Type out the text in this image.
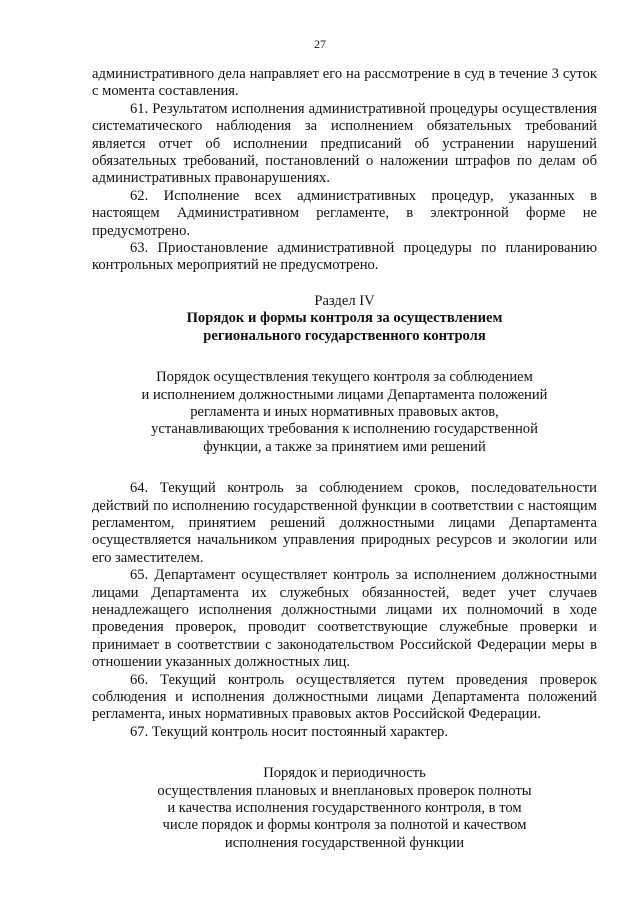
27

административного дела направляет его на рассмотрение в суд в течение 3 суток с момента составления.

61. Результатом исполнения административной процедуры осуществления систематического наблюдения за исполнением обязательных требований является отчет об исполнении предписаний об устранении нарушений обязательных требований, постановлений о наложении штрафов по делам об административных правонарушениях.

62. Исполнение всех административных процедур, указанных в настоящем Административном регламенте, в электронной форме не предусмотрено.

63. Приостановление административной процедуры по планированию контрольных мероприятий не предусмотрено.

Раздел IV

Порядок и формы контроля за осуществлением

регионального государственного контроля

Порядок осуществления текущего контроля за соблюдением

и исполнением должностными лицами Департамента положений

регламента и иных нормативных правовых актов,

устанавливающих требования к исполнению государственной

функции, а также за принятием ими решений

64. Текущий контроль за соблюдением сроков, последовательности действий по исполнению государственной функции в соответствии с настоящим регламентом, принятием решений должностными лицами Департамента осуществляется начальником управления природных ресурсов и экологии или его заместителем.

65. Департамент осуществляет контроль за исполнением должностными лицами Департамента их служебных обязанностей, ведет учет случаев ненадлежащего исполнения должностными лицами их полномочий в ходе проведения проверок, проводит соответствующие служебные проверки и принимает в соответствии с законодательством Российской Федерации меры в отношении указанных должностных лиц.

66. Текущий контроль осуществляется путем проведения проверок соблюдения и исполнения должностными лицами Департамента положений регламента, иных нормативных правовых актов Российской Федерации.

67. Текущий контроль носит постоянный характер.

Порядок и периодичность

осуществления плановых и внеплановых проверок полноты

и качества исполнения государственного контроля, в том

числе порядок и формы контроля за полнотой и качеством

исполнения государственной функции
